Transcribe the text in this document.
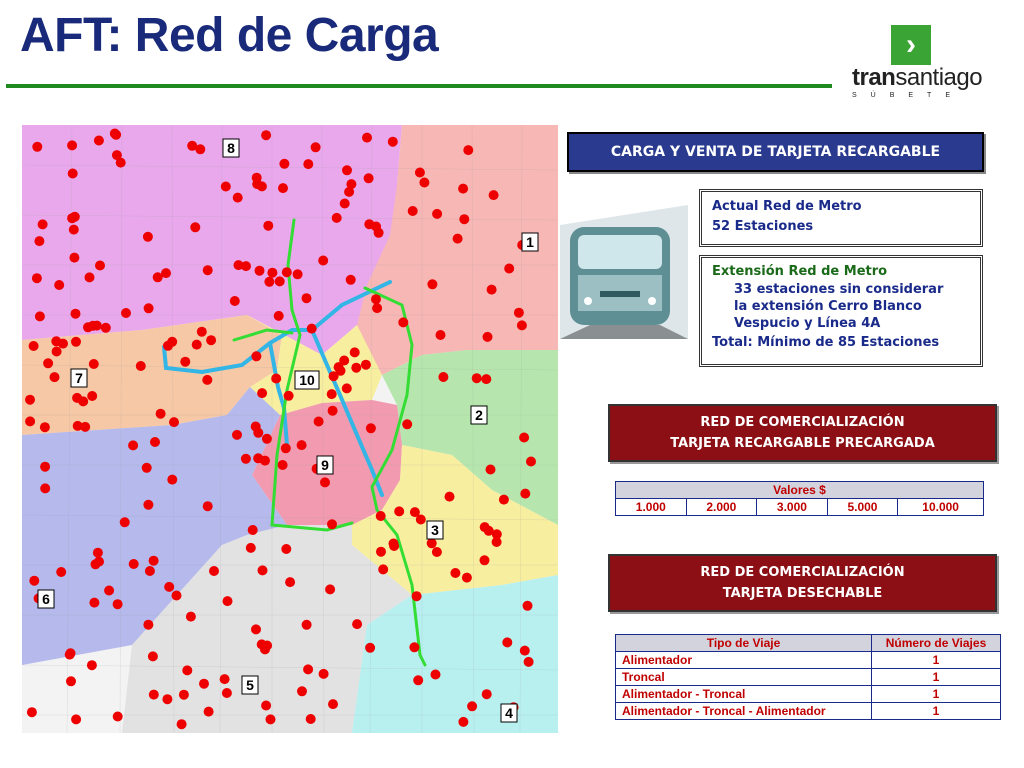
AFT: Red de Carga	›
transantiago
SÚBETE
8
1
7	10
2
9
3
6
5
4
CARGA Y VENTA DE TARJETA RECARGABLE
Actual Red de Metro
52 Estaciones
Extensión Red de Metro
33 estaciones sin considerar
la extensión Cerro Blanco
Vespucio y Línea 4A
Total: Mínimo de 85 Estaciones
RED DE COMERCIALIZACIÓN
TARJETA RECARGABLE PRECARGADA
Valores $
1.000	2.000	3.000	5.000	10.000
RED DE COMERCIALIZACIÓN
TARJETA DESECHABLE
Tipo de Viaje	Número de Viajes
Alimentador	1
Troncal	1
Alimentador - Troncal	1
Alimentador - Troncal - Alimentador	1
